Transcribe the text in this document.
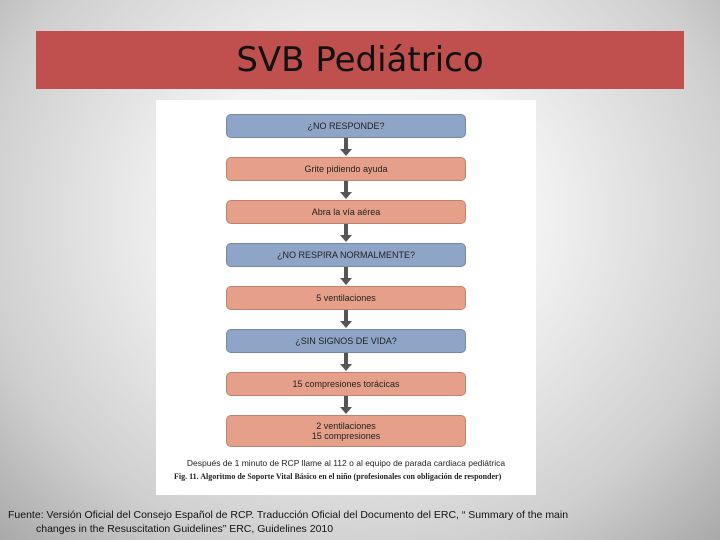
SVB Pediátrico
¿NO RESPONDE?
Grite pidiendo ayuda
Abra la vía aérea
¿NO RESPIRA NORMALMENTE?
5 ventilaciones
¿SIN SIGNOS DE VIDA?
15 compresiones torácicas
2 ventilaciones
15 compresiones
Después de 1 minuto de RCP llame al 112 o al equipo de parada cardiaca pediátrica
Fig. 11. Algoritmo de Soporte Vital Básico en el niño (profesionales con obligación de responder)
Fuente: Versión Oficial del Consejo Español de RCP. Traducción Oficial del Documento del ERC, “ Summary of the main
changes in the Resuscitation Guidelines” ERC, Guidelines 2010
